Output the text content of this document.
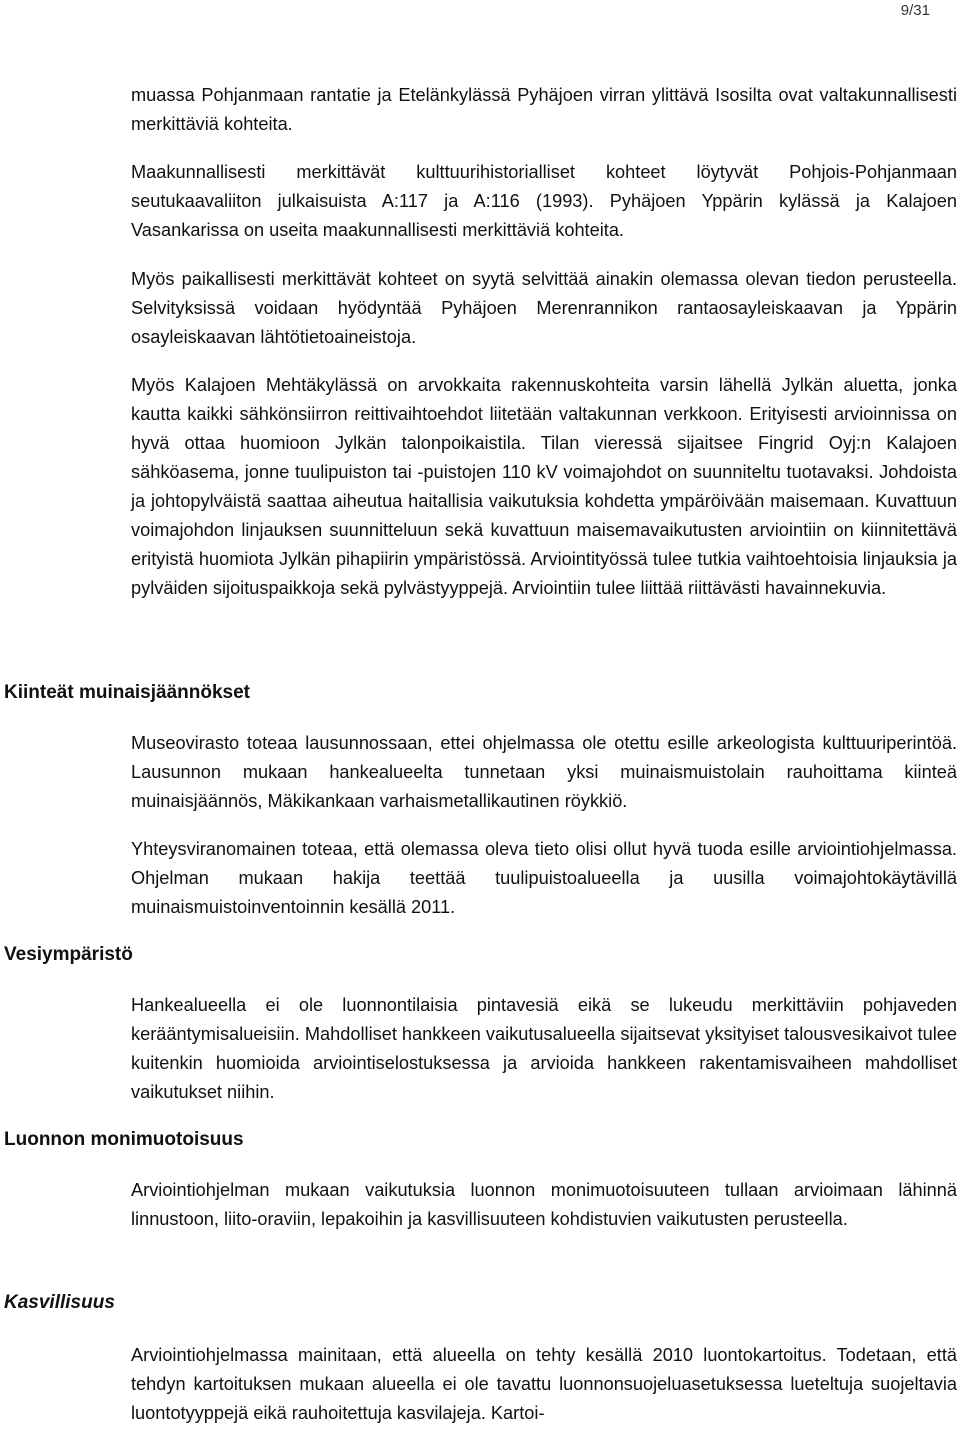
9/31

muassa Pohjanmaan rantatie ja Etelänkylässä Pyhäjoen virran ylittävä Isosilta ovat valtakunnallisesti merkittäviä kohteita.

Maakunnallisesti merkittävät kulttuurihistorialliset kohteet löytyvät Pohjois-Pohjanmaan seutukaavaliiton julkaisuista A:117 ja A:116 (1993). Pyhäjoen Yppärin kylässä ja Kalajoen Vasankarissa on useita maakunnallisesti merkittäviä kohteita.

Myös paikallisesti merkittävät kohteet on syytä selvittää ainakin olemassa olevan tiedon perusteella. Selvityksissä voidaan hyödyntää Pyhäjoen Merenrannikon rantaosayleiskaavan ja Yppärin osayleiskaavan lähtötietoaineistoja.

Myös Kalajoen Mehtäkylässä on arvokkaita rakennuskohteita varsin lähellä Jylkän aluetta, jonka kautta kaikki sähkönsiirron reittivaihtoehdot liitetään valtakunnan verkkoon. Erityisesti arvioinnissa on hyvä ottaa huomioon Jylkän talonpoikaistila. Tilan vieressä sijaitsee Fingrid Oyj:n Kalajoen sähköasema, jonne tuulipuiston tai -puistojen 110 kV voimajohdot on suunniteltu tuotavaksi. Johdoista ja johtopylväistä saattaa aiheutua haitallisia vaikutuksia kohdetta ympäröivään maisemaan. Kuvattuun voimajohdon linjauksen suunnitteluun sekä kuvattuun maisemavaikutusten arviointiin on kiinnitettävä erityistä huomiota Jylkän pihapiirin ympäristössä. Arviointityössä tulee tutkia vaihtoehtoisia linjauksia ja pylväiden sijoituspaikkoja sekä pylvästyyppejä. Arviointiin tulee liittää riittävästi havainnekuvia.

Kiinteät muinaisjäännökset

Museovirasto toteaa lausunnossaan, ettei ohjelmassa ole otettu esille arkeologista kulttuuriperintöä. Lausunnon mukaan hankealueelta tunnetaan yksi muinaismuistolain rauhoittama kiinteä muinaisjäännös, Mäkikankaan varhaismetallikautinen röykkiö.

Yhteysviranomainen toteaa, että olemassa oleva tieto olisi ollut hyvä tuoda esille arviointiohjelmassa. Ohjelman mukaan hakija teettää tuulipuistoalueella ja uusilla voimajohtokäytävillä muinaismuistoinventoinnin kesällä 2011.

Vesiympäristö

Hankealueella ei ole luonnontilaisia pintavesiä eikä se lukeudu merkittäviin pohjaveden kerääntymisalueisiin. Mahdolliset hankkeen vaikutusalueella sijaitsevat yksityiset talousvesikaivot tulee kuitenkin huomioida arviointiselostuksessa ja arvioida hankkeen rakentamisvaiheen mahdolliset vaikutukset niihin.

Luonnon monimuotoisuus

Arviointiohjelman mukaan vaikutuksia luonnon monimuotoisuuteen tullaan arvioimaan lähinnä linnustoon, liito-oraviin, lepakoihin ja kasvillisuuteen kohdistuvien vaikutusten perusteella.

Kasvillisuus

Arviointiohjelmassa mainitaan, että alueella on tehty kesällä 2010 luontokartoitus. Todetaan, että tehdyn kartoituksen mukaan alueella ei ole tavattu luonnonsuojeluasetuksessa lueteltuja suojeltavia luontotyyppejä eikä rauhoitettuja kasvilajeja. Kartoi-
